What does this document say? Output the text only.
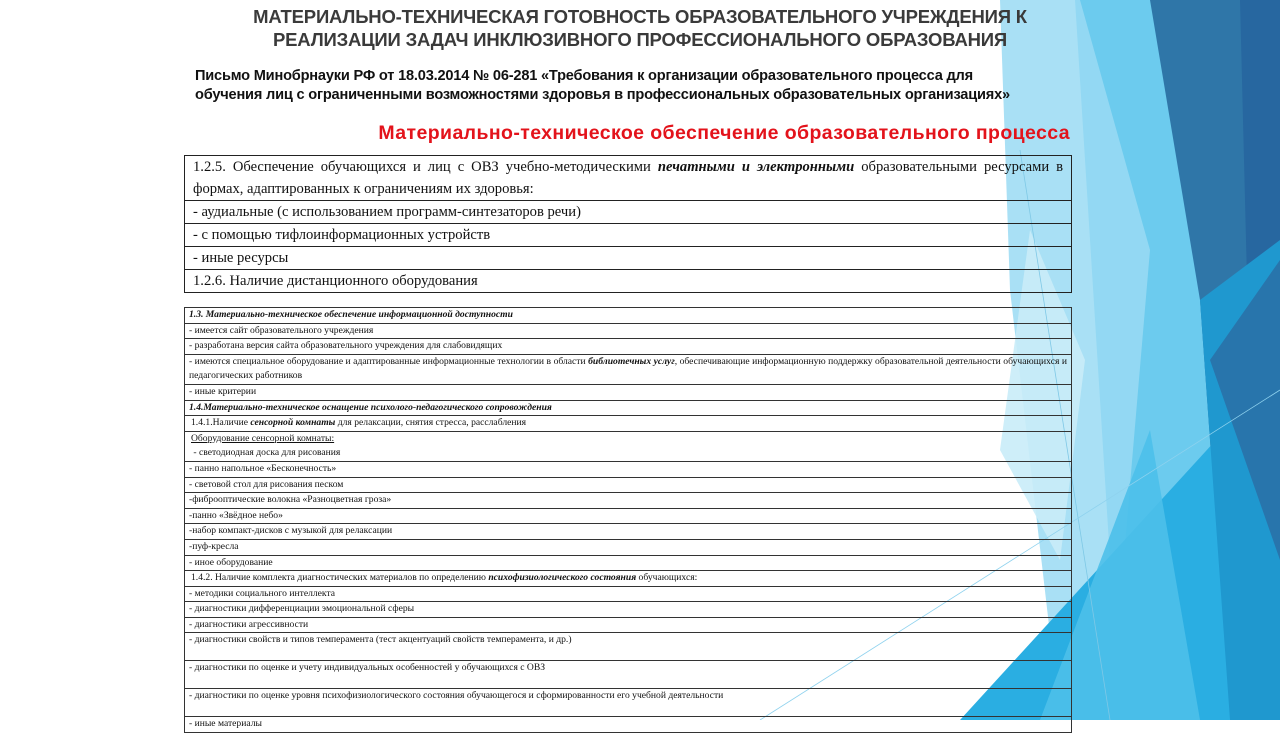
МАТЕРИАЛЬНО-ТЕХНИЧЕСКАЯ ГОТОВНОСТЬ ОБРАЗОВАТЕЛЬНОГО УЧРЕЖДЕНИЯ К
РЕАЛИЗАЦИИ ЗАДАЧ ИНКЛЮЗИВНОГО ПРОФЕССИОНАЛЬНОГО ОБРАЗОВАНИЯ
Письмо Минобрнауки РФ от 18.03.2014 № 06-281 «Требования к организации образовательного процесса для
обучения лиц с ограниченными возможностями здоровья в профессиональных образовательных организациях»
Материально-техническое обеспечение образовательного процесса
1.2.5. Обеспечение обучающихся и лиц с ОВЗ учебно-методическими печатными и электронными образовательными ресурсами в формах, адаптированных к ограничениям их здоровья:
- аудиальные (с использованием программ-синтезаторов речи)
- с помощью тифлоинформационных устройств
- иные ресурсы
1.2.6. Наличие дистанционного оборудования
1.3. Материально-техническое обеспечение информационной доступности
- имеется сайт образовательного учреждения
- разработана версия сайта образовательного учреждения для слабовидящих
- имеются специальное оборудование и адаптированные информационные технологии в области библиотечных услуг, обеспечивающие информационную поддержку образовательной деятельности обучающихся и педагогических работников
- иные критерии
1.4.Материально-техническое оснащение психолого-педагогического сопровождения
1.4.1.Наличие сенсорной комнаты для релаксации, снятия стресса, расслабления

Оборудование сенсорной комнаты:
- светодиодная доска для рисования

- панно напольное «Бесконечность»
- световой стол для рисования песком
-фиброоптические волокна «Разноцветная гроза»
-панно «Звёдное небо»
-набор компакт-дисков с музыкой для релаксации
-пуф-кресла
- иное оборудование
1.4.2. Наличие комплекта диагностических материалов по определению психофизиологического состояния обучающихся:
- методики социального интеллекта
- диагностики дифференциации эмоциональной сферы
- диагностики агрессивности
- диагностики свойств и типов темперамента (тест акцентуаций свойств темперамента, и др.)
- диагностики по оценке и учету индивидуальных особенностей у обучающихся с ОВЗ
- диагностики по оценке уровня психофизиологического состояния обучающегося и сформированности его учебной деятельности
- иные материалы
